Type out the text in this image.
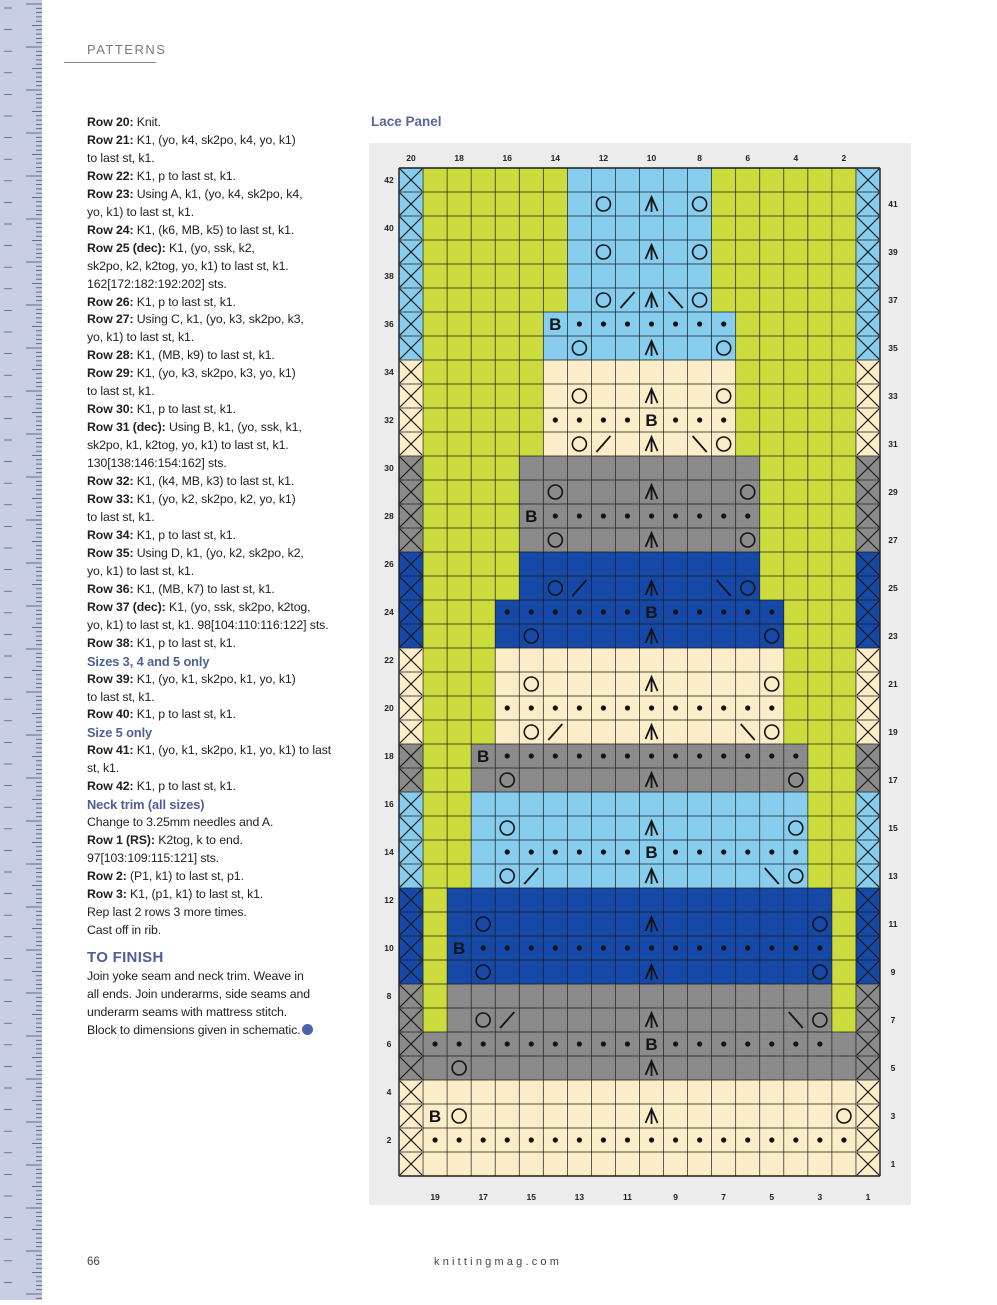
PATTERNS
Row 20: Knit.
Row 21: K1, (yo, k4, sk2po, k4, yo, k1)
to last st, k1.
Row 22: K1, p to last st, k1.
Row 23: Using A, k1, (yo, k4, sk2po, k4,
yo, k1) to last st, k1.
Row 24: K1, (k6, MB, k5) to last st, k1.
Row 25 (dec): K1, (yo, ssk, k2,
sk2po, k2, k2tog, yo, k1) to last st, k1.
162[172:182:192:202] sts.
Row 26: K1, p to last st, k1.
Row 27: Using C, k1, (yo, k3, sk2po, k3,
yo, k1) to last st, k1.
Row 28: K1, (MB, k9) to last st, k1.
Row 29: K1, (yo, k3, sk2po, k3, yo, k1)
to last st, k1.
Row 30: K1, p to last st, k1.
Row 31 (dec): Using B, k1, (yo, ssk, k1,
sk2po, k1, k2tog, yo, k1) to last st, k1.
130[138:146:154:162] sts.
Row 32: K1, (k4, MB, k3) to last st, k1.
Row 33: K1, (yo, k2, sk2po, k2, yo, k1)
to last st, k1.
Row 34: K1, p to last st, k1.
Row 35: Using D, k1, (yo, k2, sk2po, k2,
yo, k1) to last st, k1.
Row 36: K1, (MB, k7) to last st, k1.
Row 37 (dec): K1, (yo, ssk, sk2po, k2tog,
yo, k1) to last st, k1. 98[104:110:116:122] sts.
Row 38: K1, p to last st, k1.
Sizes 3, 4 and 5 only
Row 39: K1, (yo, k1, sk2po, k1, yo, k1)
to last st, k1.
Row 40: K1, p to last st, k1.
Size 5 only
Row 41: K1, (yo, k1, sk2po, k1, yo, k1) to last
st, k1.
Row 42: K1, p to last st, k1.
Neck trim (all sizes)
Change to 3.25mm needles and A.
Row 1 (RS): K2tog, k to end.
97[103:109:115:121] sts.
Row 2: (P1, k1) to last st, p1.
Row 3: K1, (p1, k1) to last st, k1.
Rep last 2 rows 3 more times.
Cast off in rib.
TO FINISH
Join yoke seam and neck trim. Weave in
all ends. Join underarms, side seams and
underarm seams with mattress stitch.
Block to dimensions given in schematic.
Lace Panel
B
B
B
B
B
B
B
B
B
20	18	16	14	12	10	8	6	4	2
19	17	15	13	11	9	7	5	3	1
42
40
38
36
34
32
30
28
26
24
22
20
18
16
14
12
10
8
6
4
2
41
39
37
35
33
31
29
27
25
23
21
19
17
15
13
11
9
7
5
3
1
66	knittingmag.com
